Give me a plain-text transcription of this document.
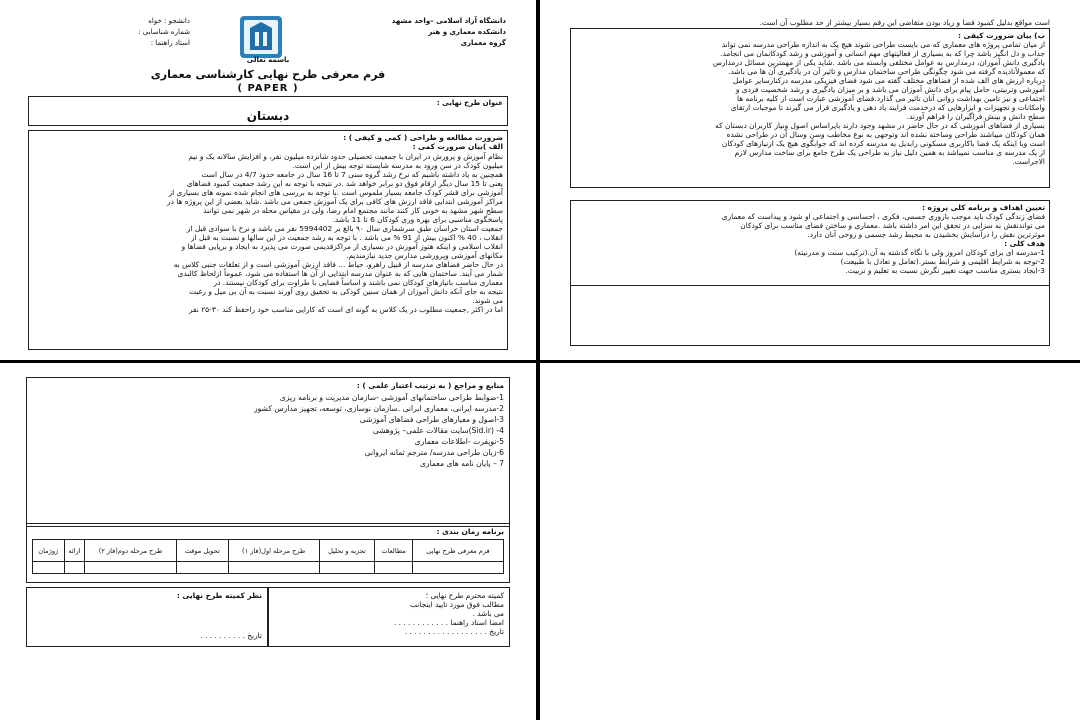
دانشجو : خواه
شماره شناسایی :
استاد راهنما :
دانشگاه آزاد اسلامی –واحد مشهد
دانشکده معماری و هنر
گروه معماری
باسمه تعالی
فرم معرفی طرح نهایی کارشناسی معماری
( PAPER )
عنوان طرح نهایی :
دبستان
ضرورت مطالعه و طراحی ( کمی و کیفی ) :
الف )بیان ضرورت کمی :
نظام آموزش و پرورش در ایران با جمعیت تحصیلی حدود شانزده میلیون نفر، و افزایش سالانه یک و نیم
میلیون کودک در سن ورود به مدرسه شایسته توجه بیش از این است.
همچنین به یاد داشته باشیم که نرخ رشد گروه سنی 7 تا 16 سال در جامعه حدود 4/7 در سال است
یعنی تا 15 سال دیگر ارقام فوق دو برابر خواهد شد .در نتیجه با توجه به این رشد جمعیت کمبود فضاهای
آموزشی برای قشر کودک جامعه بسیار ملموس است .با توجه به بررسی های انجام شده نمونه های بسیاری از
مراکز آموزشی ابتدایی فاقد ارزش های کافی برای یک آموزش جمعی می باشد .شاید بعضی از این پروژه ها در
سطح شهر مشهد به خوبی کار کنند مانند مجتمع امام رضا، ولی در مقیاس محله در شهر نمی توانند
پاسخگوی مناسبی برای بهره وری کودکان 6 تا 11 باشد.
جمعیت استان خراسان طبق سرشماری سال ۹۰ بالغ بر 5994402 نفر می باشد و نرخ با سوادی قبل از
انقلاب ، 40 % اکنون بیش از 91 % می باشد . با توجه به رشد جمعیت در این سالها و نسبت به قبل از
انقلاب اسلامی و اینکه هنوز آموزش در بسیاری از مراکزقدیمی صورت می پذیرد به ایجاد و برپایی فضاها و
مکانهای آموزشی وپرورشی مدارس جدید نیازمندیم.
در حال حاضر فضاهای مدرسه از قبیل راهرو، حیاط ... فاقد ارزش آموزشی است و از تعلقات جنبی کلاس به
شمار می آیند. ساختمان هایی که به عنوان مدرسه ابتدایی از آن ها استفاده می شود، عموماً ازلحاظ کالبدی
معماری مناسب بانیازهای کودکان نمی باشند و اساساً فضایی با طراوت برای کودکان نیستند. در
نتیجه به جای آنکه دانش آموزان از همان سنین کودکی به تحقیق روی آورند نسبت به آن بی میل و رغبت
می شوند.
اما در اکثر ,جمعیت مطلوب در یک کلاس به گونه ای است که کارایی مناسب خود راحفظ کند ۳۰-۲۵ نفر
است مواقع بدلیل کمبود فضا و زیاد بودن متقاضی این رقم بسیار بیشتر از حد مطلوب آن است.
ب) بیان ضرورت کیفی :
از میان تمامی پروژه های معماری که می بایست طراحی شوند هیچ یک به اندازه طراحی مدرسه نمی تواند
جذاب و دل انگیز باشد چرا که به بسیاری از فعالیتهای مهم انسانی و آموزشی و رشد کودکانمان می انجامد.
یادگیری دانش آموزان، درمدارس به عوامل مختلفی وابسته می باشد .شاید یکی از مهمترین مسائل درمدارس
که معمولاًنادیده گرفته می شود چگونگی طراحی ساختمان مدارس و تاثیر آن در یادگیری آن ها می باشد.
درباره ارزش های الف شده از فضاهای مختلف گفته می شود فضای فیزیکی مدرسه درکنارسایر عوامل
آموزشی وتربیتی، حامل پیام برای دانش آموزان می باشد و بر میزان یادگیری و رشد شخصیت فردی و
اجتماعی و نیز تامین بهداشت روانی آنان تاثیر می گذارد.فضای آموزشی عبارت است از کلیه برنامه ها
وامکانات و تجهیزات و ابزارهایی که درخدمت فرایند یاد دهی و یادگیری قرار می گیرند تا موجبات ارتقای
سطح دانش و بینش فراگیران را فراهم آورند.
بسیاری از فضاهای آموزشی که در حال حاضر در مشهد وجود دارند باپراساس اصول ونیاز کاربران دبستان که
همان کودکان میباشند طراحی وساخته نشده اند وتوجهی به نوع مخاطب وسن وسال آن در طراحی نشده
است وبا اینکه یک فضا باکاربری مسکونی رابدیل به مدرسه کرده اند که جوابگوی هیچ یک ازنیازهای کودکان
از یک مدرسه ی مناسب نمیباشد به همین دلیل نیاز به طراحی یک طرح جامع برای ساخت مدارس لازم
الاجراست.
تعیین اهداف و برنامه کلی پروژه :
فضای زندگی کودک باید موجب باروری جسمی، فکری ، احساسی و اجتماعی او شود و پیداست که معماری
می تواندنقش به سزایی در تحقق این امر داشته باشد .معماری و ساختن فضای مناسب برای کودکان
موثرترین نقش را درآسایش بخشیدن به محیط رشد جسمی و روحی آنان دارد.
هدف کلی :
1-مدرسه ای برای کودکان امروز ولی با نگاه گذشته به آن.(ترکیب سنت و مدرنیته)
2-توجه به شرایط اقلیمی و شرایط بستر.(تعامل و تعادل با طبیعت)
3-ایجاد بستری مناسب جهت تغییر نگرش نسبت به تعلیم و تربیت.
منابع و مراجع ( به ترتیب اعتبار علمی ) :
1-ضوابط طراحی ساختمانهای آموزشی -سازمان مدیریت و برنامه ریزی
2-مدرسه ایرانی، معماری ایرانی .سازمان نوسازی، توسعه، تجهیز مدارس کشور
3-اصول و معیارهای طراحی فضاهای آموزشی
4- (Sid.ir)سایت مقالات علمی– پژوهشی
5-نوپفرت -اطلاعات معماری
6-زبان طراحی مدرسه/ مترجم ثمانه ایروانی
7 – پایان نامه های معماری
برنامه زمان بندی :
فرم معرفی طرح نهایی	مطالعات	تجزیه و تحلیل	طرح مرحله اول(فاز ۱)	تحویل موقت	طرح مرحله دوم(فاز ۲)	ارائه	ژوژمان

کمیته محترم طرح نهایی ؛
مطالب فوق مورد تایید اینجانب
می باشد .
امضا استاد راهنما . . . . . . . . . . . .
تاریخ . . . . . . . . . . . . . . . . . .
نظر کمیته طرح نهایی :
تاریخ . . . . . . . . . .
